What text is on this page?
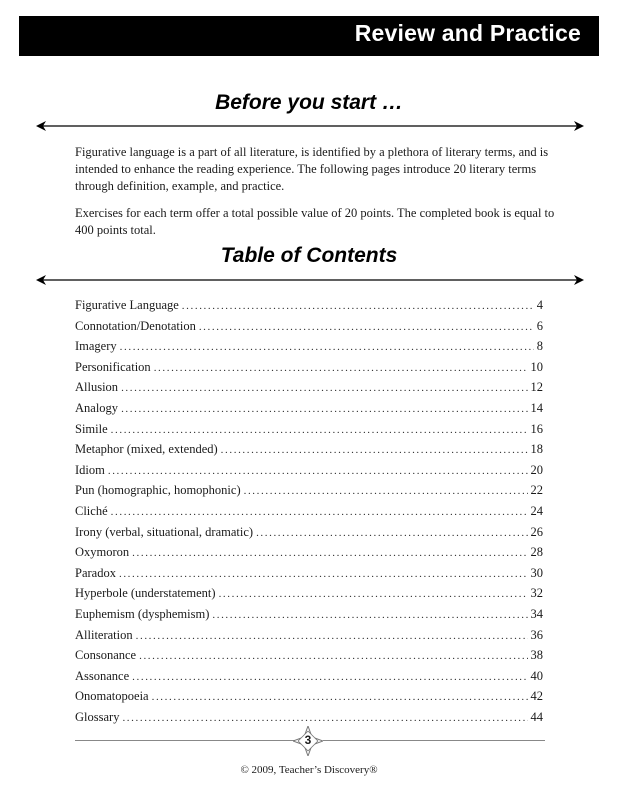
Review and Practice
Before you start …

Figurative language is a part of all literature, is identified by a plethora of literary terms, and is intended to enhance the reading experience. The following pages introduce 20 literary terms through definition, example, and practice.

Exercises for each term offer a total possible value of 20 points. The completed book is equal to 400 points total.

Table of Contents
Figurative Language .....	4
Connotation/Denotation .....	6
Imagery .....	8
Personification .....	10
Allusion .....	12
Analogy .....	14
Simile .....	16
Metaphor (mixed, extended) .....	18
Idiom .....	20
Pun (homographic, homophonic) .....	22
Cliché .....	24
Irony (verbal, situational, dramatic) .....	26
Oxymoron .....	28
Paradox .....	30
Hyperbole (understatement) .....	32
Euphemism (dysphemism) .....	34
Alliteration .....	36
Consonance .....	38
Assonance .....	40
Onomatopoeia .....	42
Glossary .....	44
3
© 2009, Teacher’s Discovery®
